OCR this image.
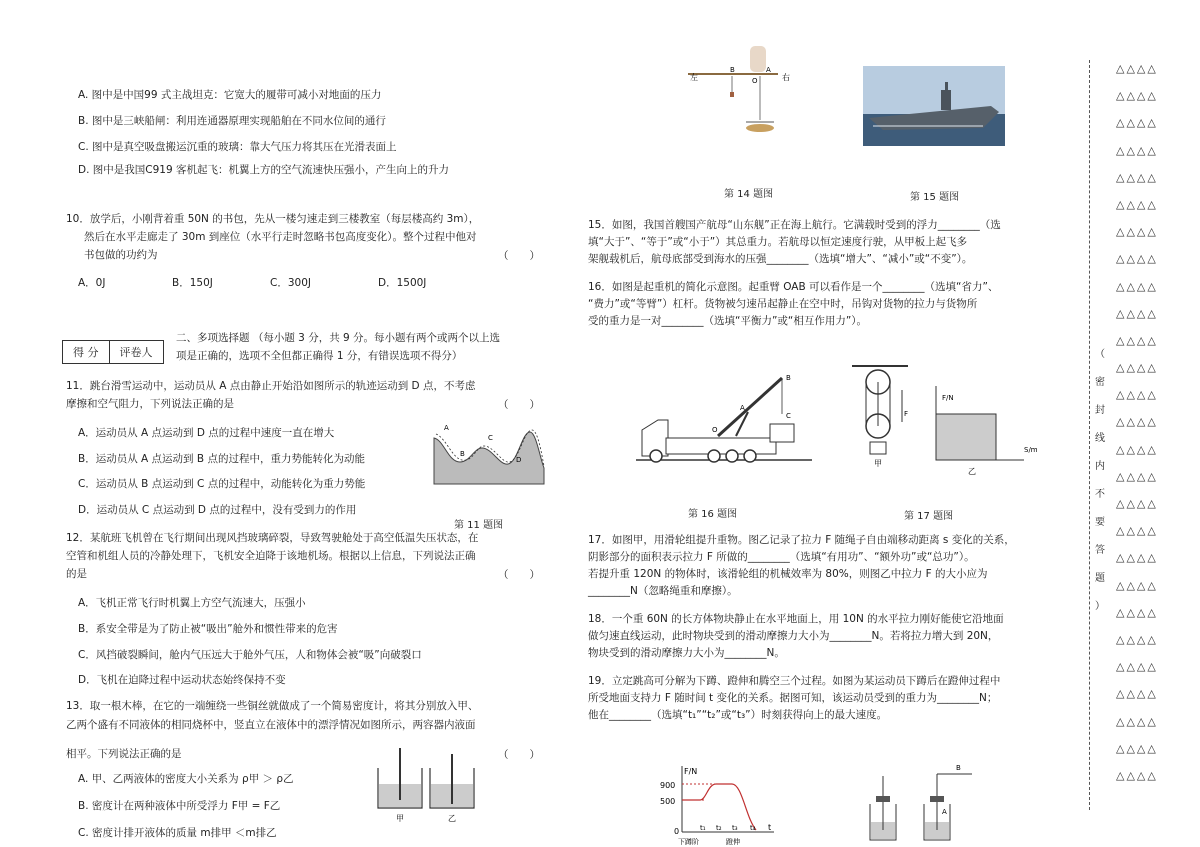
A. 图中是中国99 式主战坦克：它宽大的履带可减小对地面的压力
B. 图中是三峡船闸：利用连通器原理实现船舶在不同水位间的通行
C. 图中是真空吸盘搬运沉重的玻璃：靠大气压力将其压在光滑表面上
D. 图中是我国C919 客机起飞：机翼上方的空气流速快压强小，产生向上的升力
10．放学后，小刚背着重 50N 的书包，先从一楼匀速走到三楼教室（每层楼高约 3m），
然后在水平走廊走了 30m 到座位（水平行走时忽略书包高度变化）。整个过程中他对
书包做的功约为	（　　）
A．0J	B．150J	C．300J	D．1500J
得 分	评卷人
二、多项选择题 （每小题 3 分，共 9 分。每小题有两个或两个以上选
项是正确的，选项不全但都正确得 1 分，有错误选项不得分）
11．跳台滑雪运动中，运动员从 A 点由静止开始沿如图所示的轨迹运动到 D 点，不考虑
摩擦和空气阻力，下列说法正确的是	（　　）
A．运动员从 A 点运动到 D 点的过程中速度一直在增大
B．运动员从 A 点运动到 B 点的过程中，重力势能转化为动能
C．运动员从 B 点运动到 C 点的过程中，动能转化为重力势能
D．运动员从 C 点运动到 D 点的过程中，没有受到力的作用
A
B
C
D
第 11 题图
12．某航班飞机曾在飞行期间出现风挡玻璃碎裂，导致驾驶舱处于高空低温失压状态，在
空管和机组人员的冷静处理下，飞机安全迫降于该地机场。根据以上信息，下列说法正确
的是	（　　）
A．飞机正常飞行时机翼上方空气流速大，压强小
B．系安全带是为了防止被“吸出”舱外和惯性带来的危害
C．风挡破裂瞬间，舱内气压远大于舱外气压，人和物体会被“吸”向破裂口
D．飞机在迫降过程中运动状态始终保持不变
13．取一根木棒，在它的一端缠绕一些铜丝就做成了一个简易密度计，将其分别放入甲、
乙两个盛有不同液体的相同烧杯中，竖直立在液体中的漂浮情况如图所示，两容器内液面
相平。下列说法正确的是	（　　）
A. 甲、乙两液体的密度大小关系为 ρ甲 ＞ ρ乙
B. 密度计在两种液体中所受浮力 F甲 = F乙
C. 密度计排开液体的质量 m排甲 ＜m排乙
甲	乙
左
B
O
A
右
第 14 题图	第 15 题图
15．如图，我国首艘国产航母“山东舰”正在海上航行。它满载时受到的浮力________（选
填“大于”、“等于”或“小于”）其总重力。若航母以恒定速度行驶，从甲板上起飞多
架舰载机后，航母底部受到海水的压强________（选填“增大”、“减小”或“不变”）。
16．如图是起重机的简化示意图。起重臂 OAB 可以看作是一个________（选填“省力”、
“费力”或“等臂”）杠杆。货物被匀速吊起静止在空中时，吊钩对货物的拉力与货物所
受的重力是一对________（选填“平衡力”或“相互作用力”）。
B
C
A
O
第 16 题图
F
甲
F/N
S/m
乙
第 17 题图
17．如图甲，用滑轮组提升重物。图乙记录了拉力 F 随绳子自由端移动距离 s 变化的关系，
阴影部分的面积表示拉力 F 所做的________（选填“有用功”、“额外功”或“总功”）。
若提升重 120N 的物体时，该滑轮组的机械效率为 80%，则图乙中拉力 F 的大小应为
________N（忽略绳重和摩擦）。
18．一个重 60N 的长方体物块静止在水平地面上，用 10N 的水平拉力刚好能使它沿地面
做匀速直线运动，此时物块受到的滑动摩擦力大小为________N。若将拉力增大到 20N，
物块受到的滑动摩擦力大小为________N。
19．立定跳高可分解为下蹲、蹬伸和腾空三个过程。如图为某运动员下蹲后在蹬伸过程中
所受地面支持力 F 随时间 t 变化的关系。据图可知，该运动员受到的重力为________N；
他在________（选填“t₁”“t₂”或“t₃”）时刻获得向上的最大速度。
F/N
t
900
500
0	t₁ t₂ t₃ t₄
下蹲阶	蹬伸
B
A
（
密
封
线
内
不
要
答
题
）
△△△△
△△△△
△△△△
△△△△
△△△△
△△△△
△△△△
△△△△
△△△△
△△△△
△△△△
△△△△
△△△△
△△△△
△△△△
△△△△
△△△△
△△△△
△△△△
△△△△
△△△△
△△△△
△△△△
△△△△
△△△△
△△△△
△△△△
